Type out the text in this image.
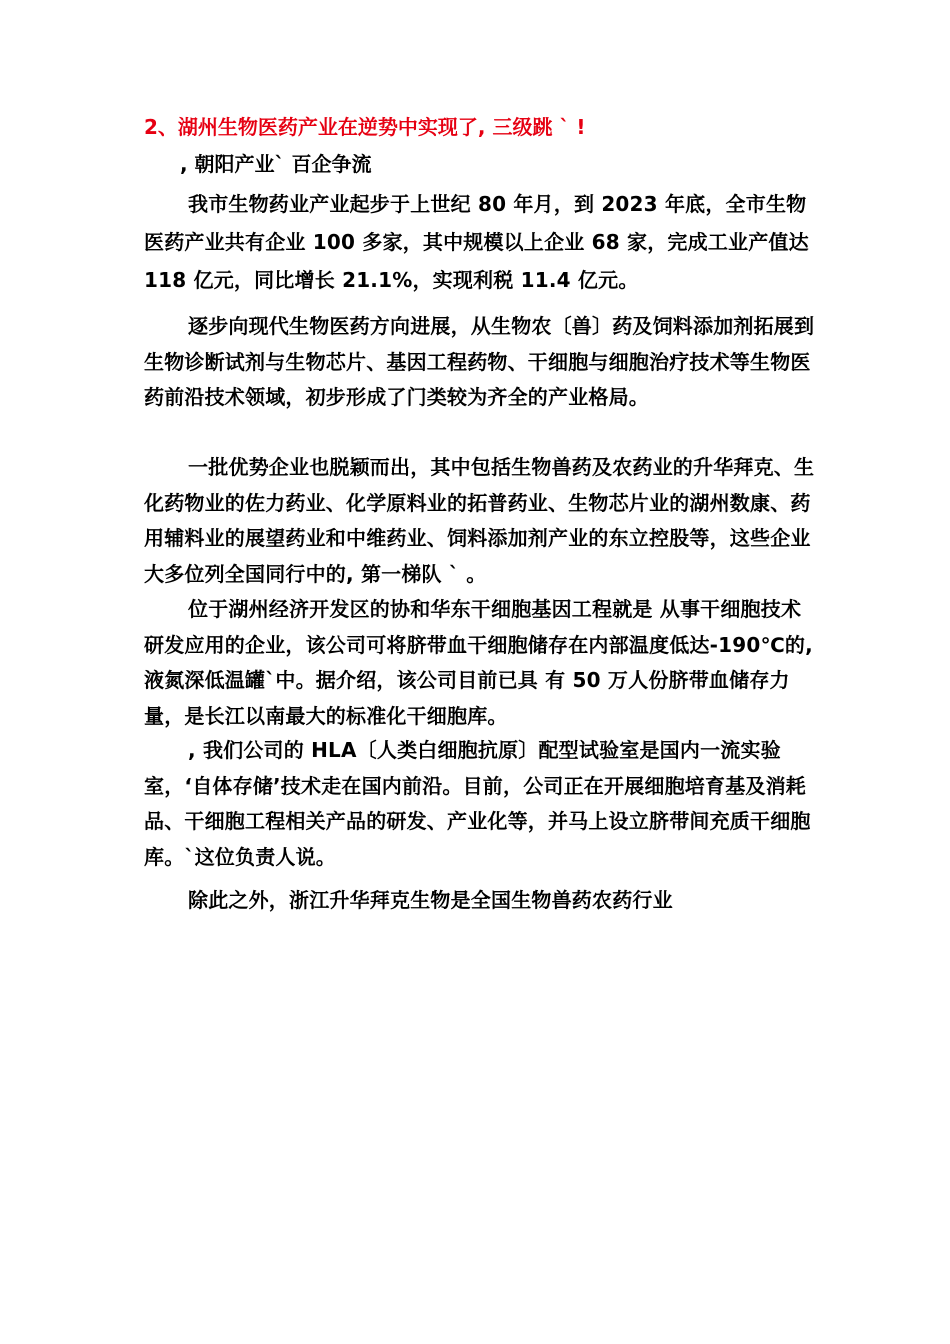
2、湖州生物医药产业在逆势中实现了, 三级跳 ` !
, 朝阳产业` 百企争流

我市生物药业产业起步于上世纪 80 年月，到 2023 年底，全市生物医药产业共有企业 100 多家，其中规模以上企业 68 家，完成工业产值达 118 亿元，同比增长 21.1%，实现利税 11.4 亿元。

逐步向现代生物医药方向进展，从生物农〔兽〕药及饲料添加剂拓展到生物诊断试剂与生物芯片、基因工程药物、干细胞与细胞治疗技术等生物医药前沿技术领域，初步形成了门类较为齐全的产业格局。

一批优势企业也脱颖而出，其中包括生物兽药及农药业的升华拜克、生化药物业的佐力药业、化学原料业的拓普药业、生物芯片业的湖州数康、药用辅料业的展望药业和中维药业、饲料添加剂产业的东立控股等，这些企业大多位列全国同行中的, 第一梯队 ` 。

位于湖州经济开发区的协和华东干细胞基因工程就是 从事干细胞技术研发应用的企业，该公司可将脐带血干细胞储存在内部温度低达-190℃的, 液氮深低温罐`中。据介绍，该公司目前已具 有 50 万人份脐带血储存力量，是长江以南最大的标准化干细胞库。

, 我们公司的 HLA〔人类白细胞抗原〕配型试验室是国内一流实验室，‘自体存储’技术走在国内前沿。目前，公司正在开展细胞培育基及消耗品、干细胞工程相关产品的研发、产业化等，并马上设立脐带间充质干细胞库。`这位负责人说。

除此之外，浙江升华拜克生物是全国生物兽药农药行业
